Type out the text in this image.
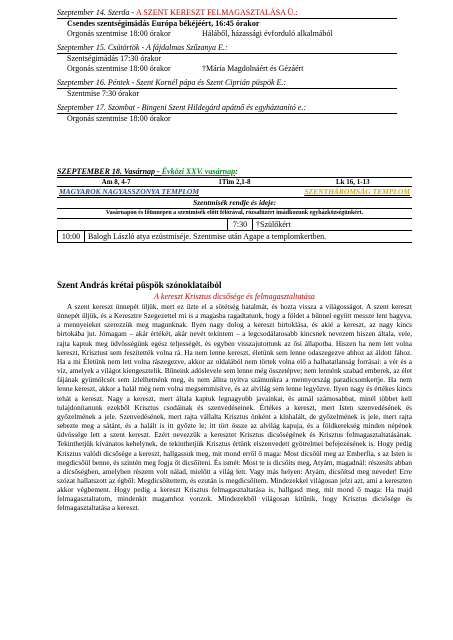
Szeptember 14. Szerda - A SZENT KERESZT FELMAGASZTALÁSA Ü.:
Csendes szentségimádás Európa békéjéért, 16:45 órakor
Orgonás szentmise 18:00 órakor	Háláből, házassági évforduló alkalmából
Szeptember 15. Csütörtök - A fájdalmas Szűzanya E.:
Szentségimádás 17:30 órakor
Orgonás szentmise 18:00 órakor	†Mária Magdolnáért és Gézáért
Szeptember 16. Péntek - Szent Kornél pápa és Szent Ciprián püspök E.:
Szentmise 7:30 órakor
Szeptember 17. Szombat - Bingeni Szent Hildegárd apátnő és egyháztanító e.:
Orgonás szentmise 18:00 órakor
SZEPTEMBER 18. Vasárnap - Évközi XXV. vasárnap:
Am 8, 4-7	1Tim 2,1-8	Lk 16, 1-13
MAGYAROK NAGYASSZONYA TEMPLOM	SZENTHÁROMSÁG TEMPLOM
Szentmisék rendje és ideje:
Vasárnapon és főünnepen a szentmisék előtt félórával, rózsafüzért imádkozunk egyházközségünkért.
7:30	†Szülőkért
10:00 Balogh László atya ezüstmiséje. Szentmise után Agape a templomkertben.
Szent András krétai püspök szónoklataiból
A kereszt Krisztus dicsősége és felmagasztaltatása

A szent kereszt ünnepét üljük, mert ez űzte el a sötétség hatalmát, és hozta vissza a világosságot. A szent kereszt ünnepét üljük, és a Keresztre Szegezettel mi is a magasba ragadtatunk, hogy a földet a bűnnel együtt messze lent hagyva, a mennyeieket szerezzük meg magunknak. Ilyen nagy dolog a kereszt birtoklása, és akié a kereszt, az nagy kincs birtokába jut. Jómagam – akár értékét, akár nevét tekintem – a legcsodálatosabb kincsnek nevezem hiszen általa, vele, rajta kaptuk meg üdvösségünk egész teljességét, és egyben visszajutottunk az ősi állapotba. Hiszen ha nem lett volna kereszt, Krisztust sem feszítették volna rá. Ha nem lenne kereszt, életünk sem lenne odaszegezve ahhoz az áldott fához. Ha a mi Életünk nem lett volna rászegezve, akkor az oldalából nem törtek volna elő a halhatatlanság forrásai: a vér és a víz, amelyek a világot kiengesztelik. Bűneink adóslevele sem lenne még összetépve; nem lennénk szabad emberek, az élet fájának gyümölcsét sem ízlelhetnénk meg, és nem állna nyitva számunkra a mennyország paradicsomkertje. Ha nem lenne kereszt, akkor a halál még nem volna megsemmisítve, és az alvilág sem lenne legyőzve. Ilyen nagy és értékes kincs tehát a kereszt. Nagy a kereszt, mert általa kaptuk legnagyobb javainkat, és annál számosabbat, minél többet kell tulajdonítanunk ezekből Krisztus csodáinak és szenvedéseinek. Értékes a kereszt, mert Isten szenvedésének és győzelmének a jele. Szenvedésének, mert rajta vállalta Krisztus önként a kínhalált, de győzelmének is jele, mert rajta sebezte meg a sátánt, és a halált is itt győzte le; itt tört össze az alvilág kapuja, és a földkerekség minden népének üdvössége lett a szent kereszt. Ezért nevezzük a keresztet Krisztus dicsőségének és Krisztus felmagasztaltatásának. Tekinthetjük kívánatos kehelynek, de tekinthetjük Krisztus értünk elszenvedett gyötrelmei befejezésének is. Hogy pedig Krisztus valódi dicsősége a kereszt, hallgassuk meg, mit mond erről ő maga: Most dicsőül meg az Emberfia, s az Isten is megdicsőül benne, és szintén meg fogja őt dicsőíteni. És ismét: Most te is dicsőíts meg, Atyám, magadnál: részesíts abban a dicsőségben, amelyben részem volt nálad, mielőtt a világ lett. Vagy más helyen: Atyám, dicsőítsd meg nevedet! Erre szózat hallatszott az égből: Megdicsőítettem, és ezután is megdicsőítem. Mindezekkel világosan jelzi azt, ami a kereszten akkor végbement. Hogy pedig a kereszt Krisztus felmagasztaltatása is, hallgasd meg, mit mond ő maga: Ha majd felmagasztaltatom, mindenkit magamhoz vonzok. Mindezekből világosan kitűnik, hogy Krisztus dicsősége és felmagasztaltatása a kereszt.
